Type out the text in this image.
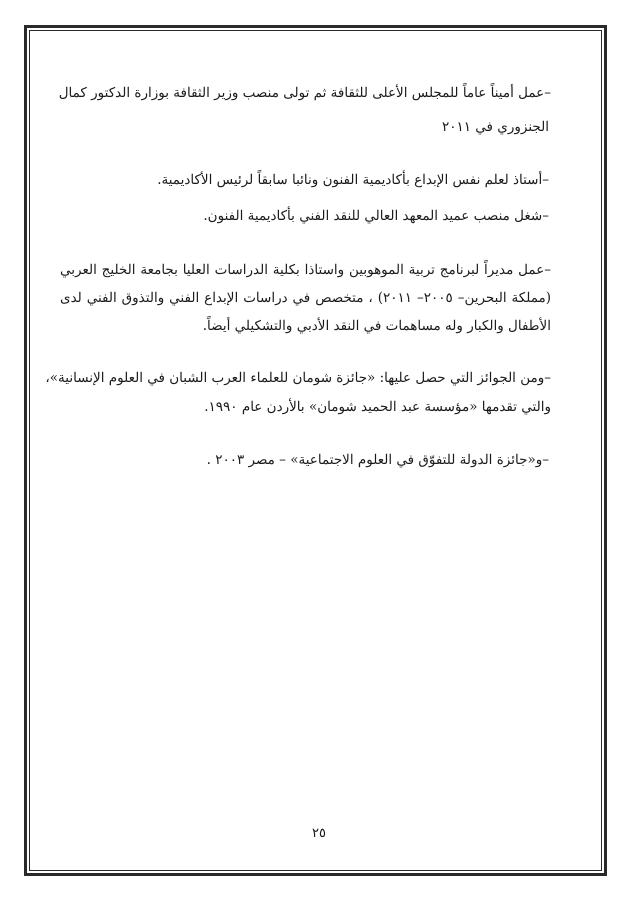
–عمل أميناً عاماً للمجلس الأعلى للثقافة ثم تولى منصب وزير الثقافة بوزارة الدكتور كمال
الجنزوري في ٢٠١١
–أستاذ لعلم نفس الإبداع بأكاديمية الفنون ونائبا سابقاً لرئيس الأكاديمية.
–شغل منصب عميد المعهد العالي للنقد الفني بأكاديمية الفنون.
–عمل مديراً لبرنامج تربية الموهوبين واستاذا بكلية الدراسات العليا بجامعة الخليج العربي
(مملكة البحرين– ٢٠٠٥– ٢٠١١) ، متخصص في دراسات الإبداع الفني والتذوق الفني لدى
الأطفال والكبار وله مساهمات في النقد الأدبي والتشكيلي أيضاً.
–ومن الجوائز التي حصل عليها: «جائزة شومان للعلماء العرب الشبان في العلوم الإنسانية»،
والتي تقدمها «مؤسسة عبد الحميد شومان» بالأردن عام ١٩٩٠.
–و«جائزة الدولة للتفوّق في العلوم الاجتماعية» – مصر ٢٠٠٣ .
٢٥
